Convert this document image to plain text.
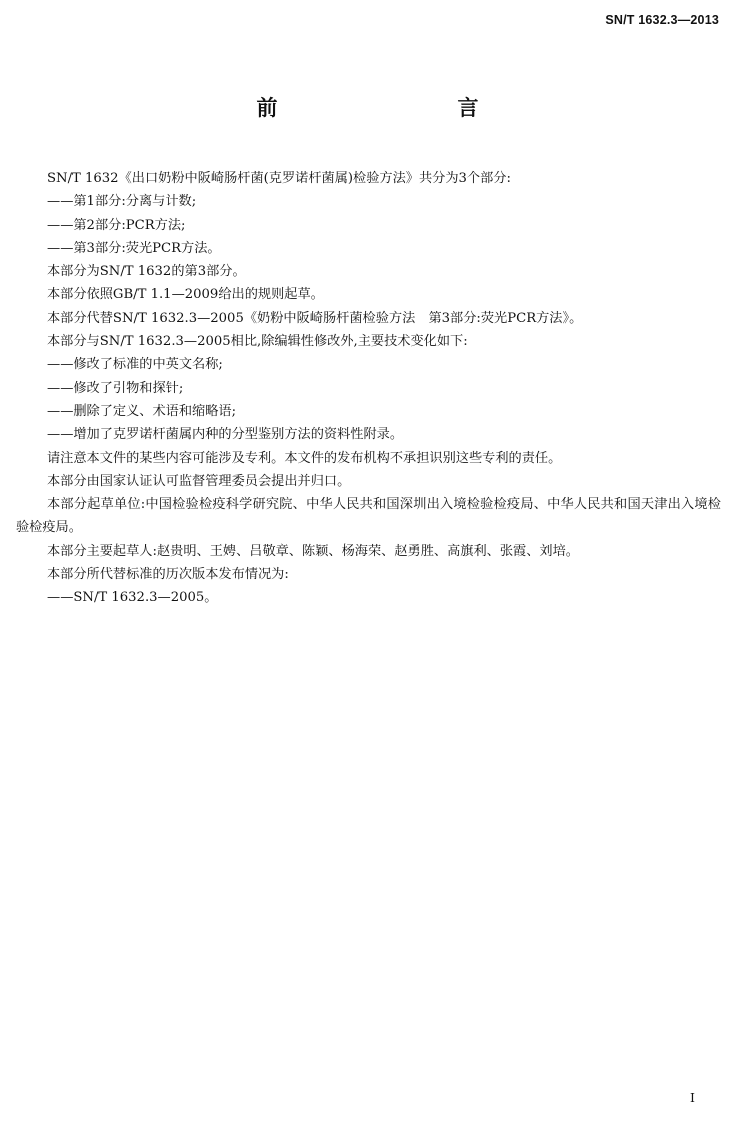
SN/T 1632.3—2013
前　　言

SN/T 1632《出口奶粉中阪崎肠杆菌(克罗诺杆菌属)检验方法》共分为3个部分:

——第1部分:分离与计数;

——第2部分:PCR方法;

——第3部分:荧光PCR方法。

本部分为SN/T 1632的第3部分。

本部分依照GB/T 1.1—2009给出的规则起草。

本部分代替SN/T 1632.3—2005《奶粉中阪崎肠杆菌检验方法　第3部分:荧光PCR方法》。

本部分与SN/T 1632.3—2005相比,除编辑性修改外,主要技术变化如下:

——修改了标准的中英文名称;

——修改了引物和探针;

——删除了定义、术语和缩略语;

——增加了克罗诺杆菌属内种的分型鉴别方法的资料性附录。

请注意本文件的某些内容可能涉及专利。本文件的发布机构不承担识别这些专利的责任。

本部分由国家认证认可监督管理委员会提出并归口。

本部分起草单位:中国检验检疫科学研究院、中华人民共和国深圳出入境检验检疫局、中华人民共和国天津出入境检验检疫局。

本部分主要起草人:赵贵明、王娉、吕敬章、陈颖、杨海荣、赵勇胜、高旗利、张霞、刘培。

本部分所代替标准的历次版本发布情况为:

——SN/T 1632.3—2005。

I
